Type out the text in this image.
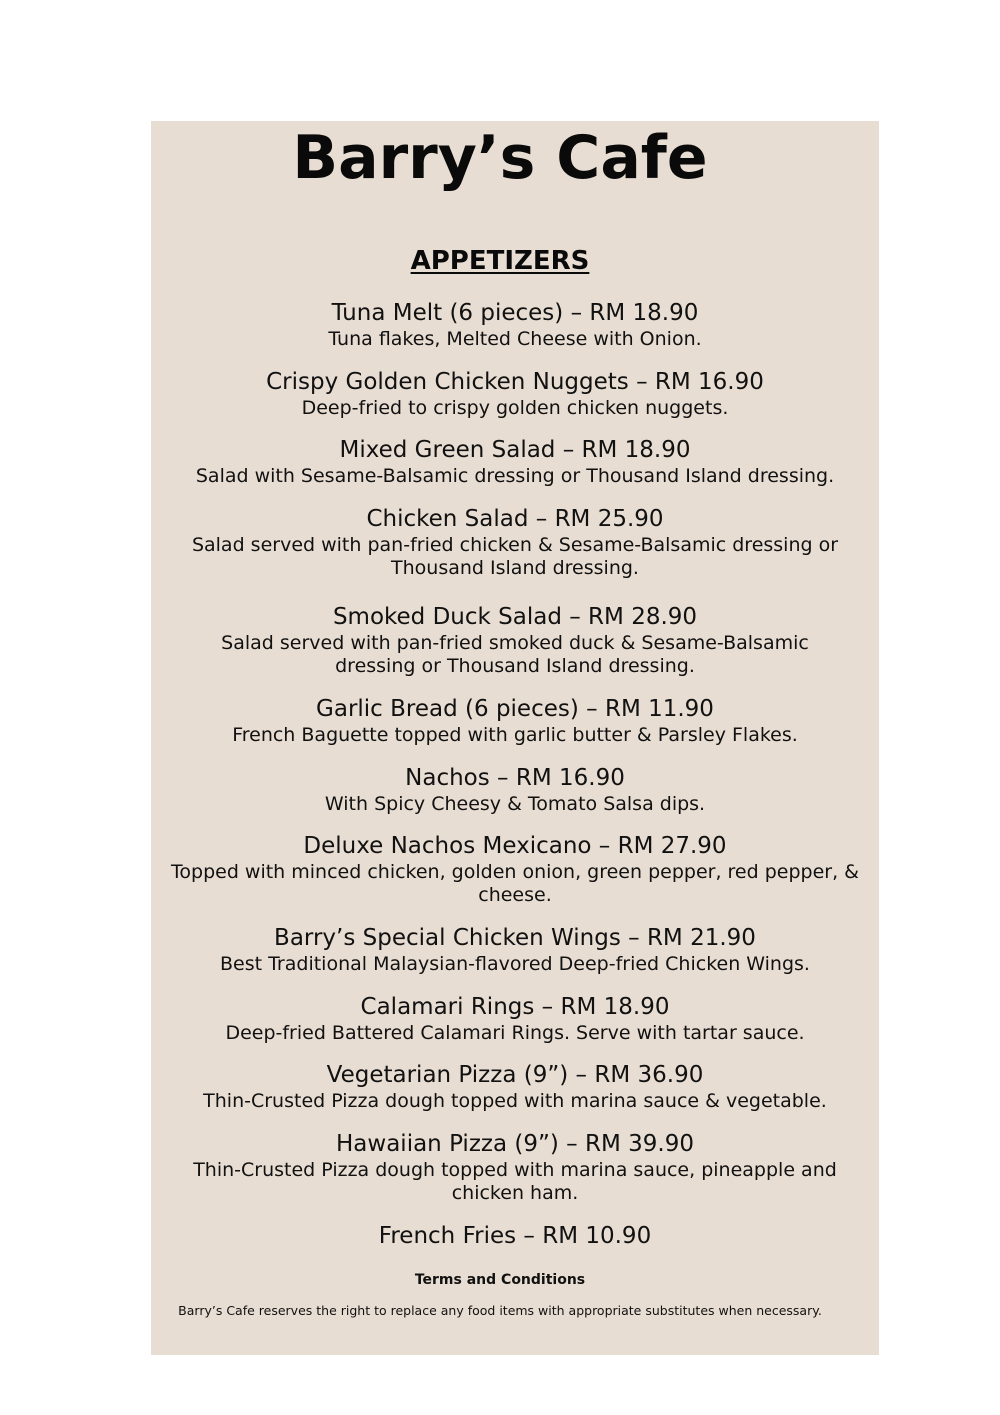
Barry’s Cafe
APPETIZERS
Tuna Melt (6 pieces) – RM 18.90
Tuna flakes, Melted Cheese with Onion.
Crispy Golden Chicken Nuggets – RM 16.90
Deep-fried to crispy golden chicken nuggets.
Mixed Green Salad – RM 18.90
Salad with Sesame-Balsamic dressing or Thousand Island dressing.
Chicken Salad – RM 25.90
Salad served with pan-fried chicken & Sesame-Balsamic dressing or Thousand Island dressing.
Smoked Duck Salad – RM 28.90
Salad served with pan-fried smoked duck & Sesame-Balsamic dressing or Thousand Island dressing.
Garlic Bread (6 pieces) – RM 11.90
French Baguette topped with garlic butter & Parsley Flakes.
Nachos – RM 16.90
With Spicy Cheesy & Tomato Salsa dips.
Deluxe Nachos Mexicano – RM 27.90
Topped with minced chicken, golden onion, green pepper, red pepper, & cheese.
Barry’s Special Chicken Wings – RM 21.90
Best Traditional Malaysian-flavored Deep-fried Chicken Wings.
Calamari Rings – RM 18.90
Deep-fried Battered Calamari Rings. Serve with tartar sauce.
Vegetarian Pizza (9”) – RM 36.90
Thin-Crusted Pizza dough topped with marina sauce & vegetable.
Hawaiian Pizza (9”) – RM 39.90
Thin-Crusted Pizza dough topped with marina sauce, pineapple and chicken ham.
French Fries – RM 10.90
Terms and Conditions
Barry’s Cafe reserves the right to replace any food items with appropriate substitutes when necessary.
